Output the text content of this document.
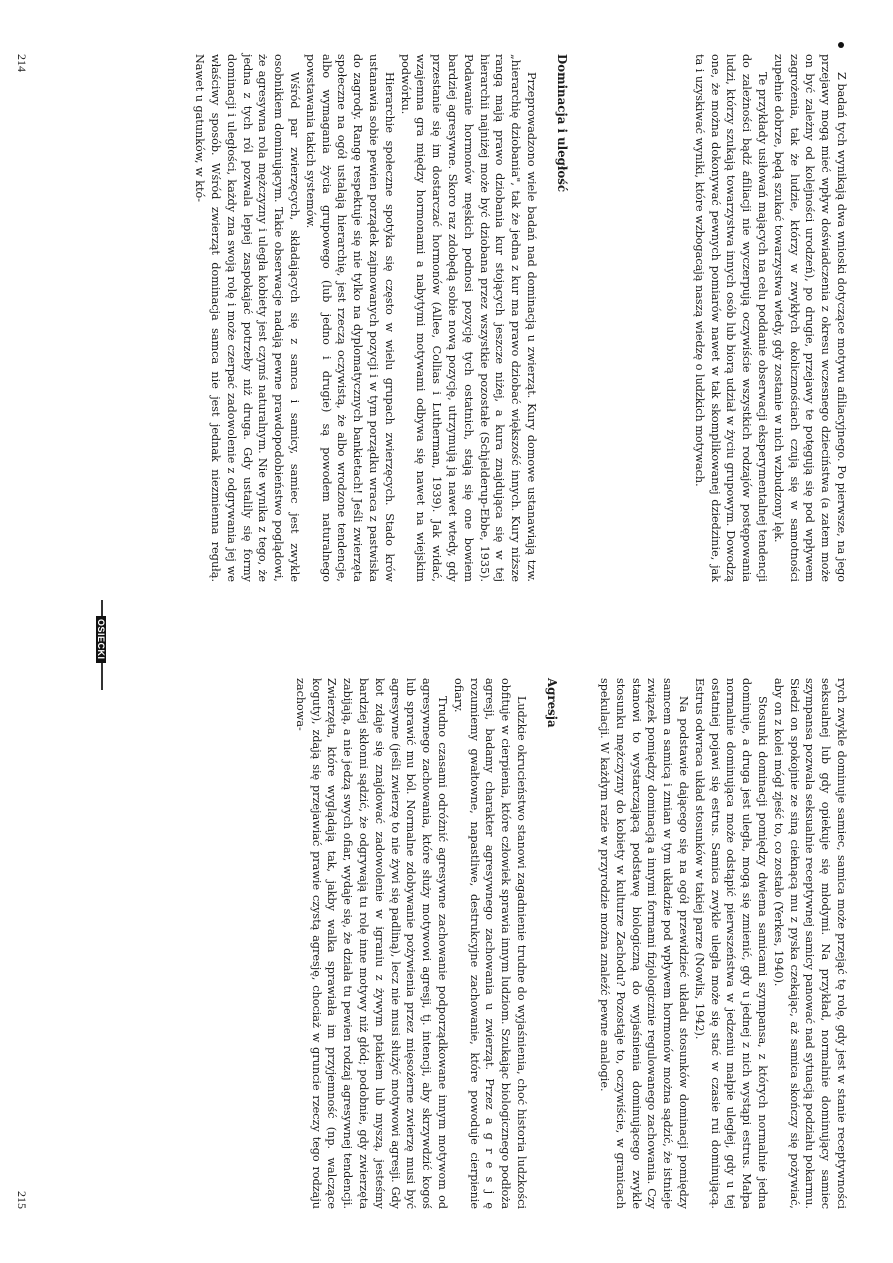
Z badań tych wynikają dwa wnioski dotyczące motywu afiliacyjnego. Po pierwsze, na jego przejawy mogą mieć wpływ doświadczenia z okresu wczesnego dzieciństwa (a zatem może on być zależny od kolejności urodzeń), po drugie, przejawy te potęgują się pod wpływem zagrożenia, tak że ludzie, którzy w zwykłych okolicznościach czują się w samotności zupełnie dobrze, będą szukać towarzystwa wtedy, gdy zostanie w nich wzbudzony lęk.

Te przykłady usiłowań mających na celu poddanie obserwacji eksperymentalnej tendencji do zależności bądź afiliacji nie wyczerpują oczywiście wszystkich rodzajów postępowania ludzi, którzy szukają towarzystwa innych osób lub biorą udział w życiu grupowym. Dowodzą one, że można dokonywać pewnych pomiarów nawet w tak skomplikowanej dziedzinie, jak ta i uzyskiwać wyniki, które wzbogacają naszą wiedzę o ludzkich motywach.

Dominacja i uległość

Przeprowadzono wiele badań nad dominacją u zwierząt. Kury domowe ustanawiają tzw. „hierarchię dziobania", tak że jedna z kur ma prawo dziobać większość innych. Kury niższe rangą mają prawo dziobania kur stojących jeszcze niżej, a kura znajdująca się w tej hierarchii najniżej może być dziobana przez wszystkie pozostałe (Schjelderup-Ebbe, 1935). Podawanie hormonów męskich podnosi pozycję tych ostatnich, stają się one bowiem bardziej agresywne. Skoro raz zdobędą sobie nową pozycję, utrzymują ją nawet wtedy, gdy przestanie się im dostarczać hormonów (Allee, Collias i Lutherman, 1939). Jak widać, wzajemna gra między hormonami a nabytymi motywami odbywa się nawet na wiejskim podwórku.

Hierarchie społeczne spotyka się często w wielu grupach zwierzęcych. Stado krów ustanawia sobie pewien porządek zajmowanych pozycji i w tym porządku wraca z pastwiska do zagrody. Rangę respektuje się nie tylko na dyplomatycznych bankietach! Jeśli zwierzęta społeczne na ogół ustalają hierarchię, jest rzeczą oczywistą, że albo wrodzone tendencje, albo wymagania życia grupowego (lub jedno i drugie) są powodem naturalnego powstawania takich systemów.

Wśród par zwierzęcych, składających się z samca i samicy, samiec jest zwykle osobnikiem dominującym. Takie obserwacje nadają pewne prawdopodobieństwo poglądowi, że agresywna rola mężczyzny i uległa kobiety jest czymś naturalnym. Nie wynika z tego, że jedna z tych ról pozwala lepiej zaspokajać potrzeby niż druga. Gdy ustalily się formy dominacji i uległości, każdy zna swoją rolę i może czerpać zadowolenie z odgrywania jej we właściwy sposób. Wśród zwierząt dominacja samca nie jest jednak niezmienna regułą. Nawet u gatunków, w któ-

214
OSIECKI

rych zwykle dominuje samiec, samica może przejąć tę rolę, gdy jest w stanie receptywności seksualnej lub gdy opiekuje się młodymi. Na przykład, normalnie dominujący samiec szympansa pozwala seksualnie receptywnej samicy panować nad sytuacją podziału pokarmu. Siedzi on spokojnie ze siną cieknącą mu z pyska czekając, aż samica skończy się pożywiać, aby on z kolei mógł zjeść to, co zostało (Yerkes, 1940).

Stosunki dominacji pomiędzy dwiema samicami szympansa, z których normalnie jedna dominuje, a druga jest uległa, mogą się zmienić, gdy u jednej z nich wystąpi estrus. Małpa normalnie dominująca może odstąpić pierwszeństwa w jedzeniu małpie uległej, gdy u tej ostatniej pojawi się estrus. Samica zwykle uległa może się stać w czasie rui dominującą. Estrus odwraca układ stosunków w takiej parze (Nowlis, 1942).

Na podstawie dającego się na ogół przewidzieć układu stosunków dominacji pomiędzy samcem a samicą i zmian w tym układzie pod wpływem hormonów można sądzić, że istnieje związek pomiędzy dominacją a innymi formami fizjologicznie regulowanego zachowania. Czy stanowi to wystarczającą podstawę biologiczną do wyjaśnienia dominującego zwykle stosunku mężczyzny do kobiety w kulturze Zachodu? Pozostaje to, oczywiście, w granicach spekulacji. W każdym razie w przyrodzie można znaleźć pewne analogie.

Agresja

Ludzkie okrucieństwo stanowi zagadnienie trudne do wyjaśnienia, choć historia ludzkości obfituje w cierpienia, które człowiek sprawia innym ludziom. Szukając biologicznego podłoża agresji, badamy charakter agresywnego zachowania u zwierząt. Przez a g r e s j ę rozumiemy gwałtowne, napastliwe, destrukcyjne zachowanie, które powoduje cierpienie ofiary.

Trudno czasami odróżnić agresywne zachowanie podporządkowane innym motywom od agresywnego zachowania, które służy motywowi agresji, tj. intencji, aby skrzywdzić kogoś lub sprawić mu ból. Normalne zdobywanie pożywienia przez mięsożerne zwierzę musi być agresywne (jeśli zwierzę to nie żywi się padliną), lecz nie musi służyć motywowi agresji. Gdy kot zdaje się znajdować zadowolenie w igraniu z żywym ptakiem lub myszą, jesteśmy bardziej skłonni sądzić, że odgrywają tu rolę inne motywy niż głód; podobnie, gdy zwierzęta zabijają, a nie jedzą swych ofiar, wydaje się, że działa tu pewien rodzaj agresywnej tendencji. Zwierzęta, które wyglądają tak, jakby walka sprawiała im przyjemność (np. walczące koguty), zdają się przejawiać prawie czystą agresję, chociaż w gruncie rzeczy tego rodzaju zachowa-

215
